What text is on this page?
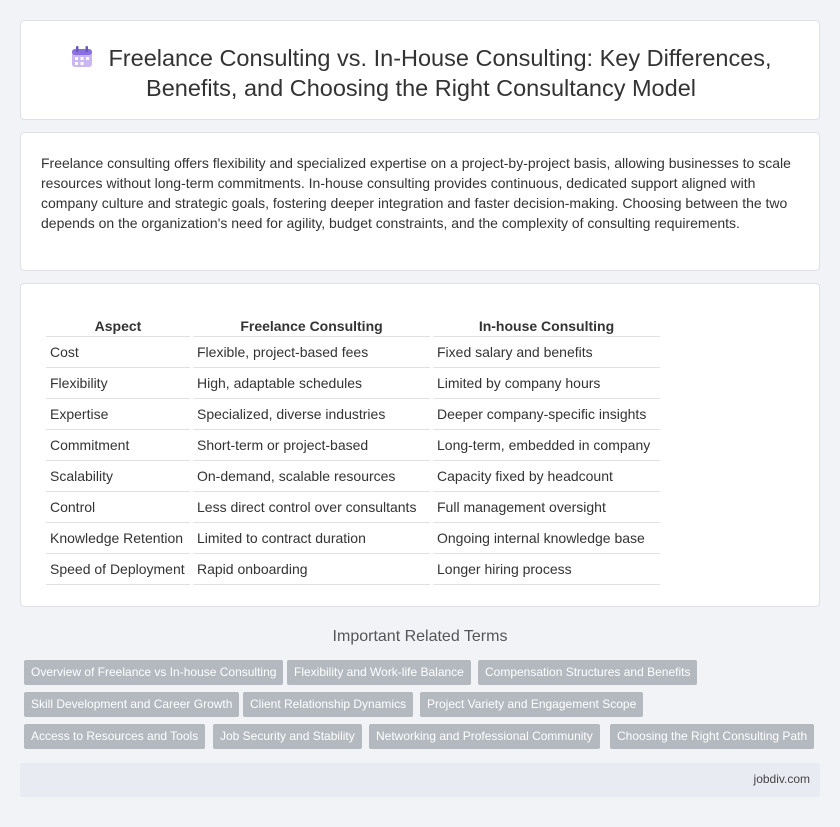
Freelance Consulting vs. In-House Consulting: Key Differences,
Benefits, and Choosing the Right Consultancy Model

Freelance consulting offers flexibility and specialized expertise on a project-by-project basis, allowing businesses to scale resources without long-term commitments. In-house consulting provides continuous, dedicated support aligned with company culture and strategic goals, fostering deeper integration and faster decision-making. Choosing between the two depends on the organization's need for agility, budget constraints, and the complexity of consulting requirements.

Aspect	Freelance Consulting	In-house Consulting
Cost	Flexible, project-based fees	Fixed salary and benefits
Flexibility	High, adaptable schedules	Limited by company hours
Expertise	Specialized, diverse industries	Deeper company-specific insights
Commitment	Short-term or project-based	Long-term, embedded in company
Scalability	On-demand, scalable resources	Capacity fixed by headcount
Control	Less direct control over consultants	Full management oversight
Knowledge Retention	Limited to contract duration	Ongoing internal knowledge base
Speed of Deployment	Rapid onboarding	Longer hiring process
Important Related Terms
Overview of Freelance vs In-house Consulting	Flexibility and Work-life Balance	Compensation Structures and Benefits
Skill Development and Career Growth	Client Relationship Dynamics	Project Variety and Engagement Scope
Access to Resources and Tools	Job Security and Stability	Networking and Professional Community	Choosing the Right Consulting Path
jobdiv.com
